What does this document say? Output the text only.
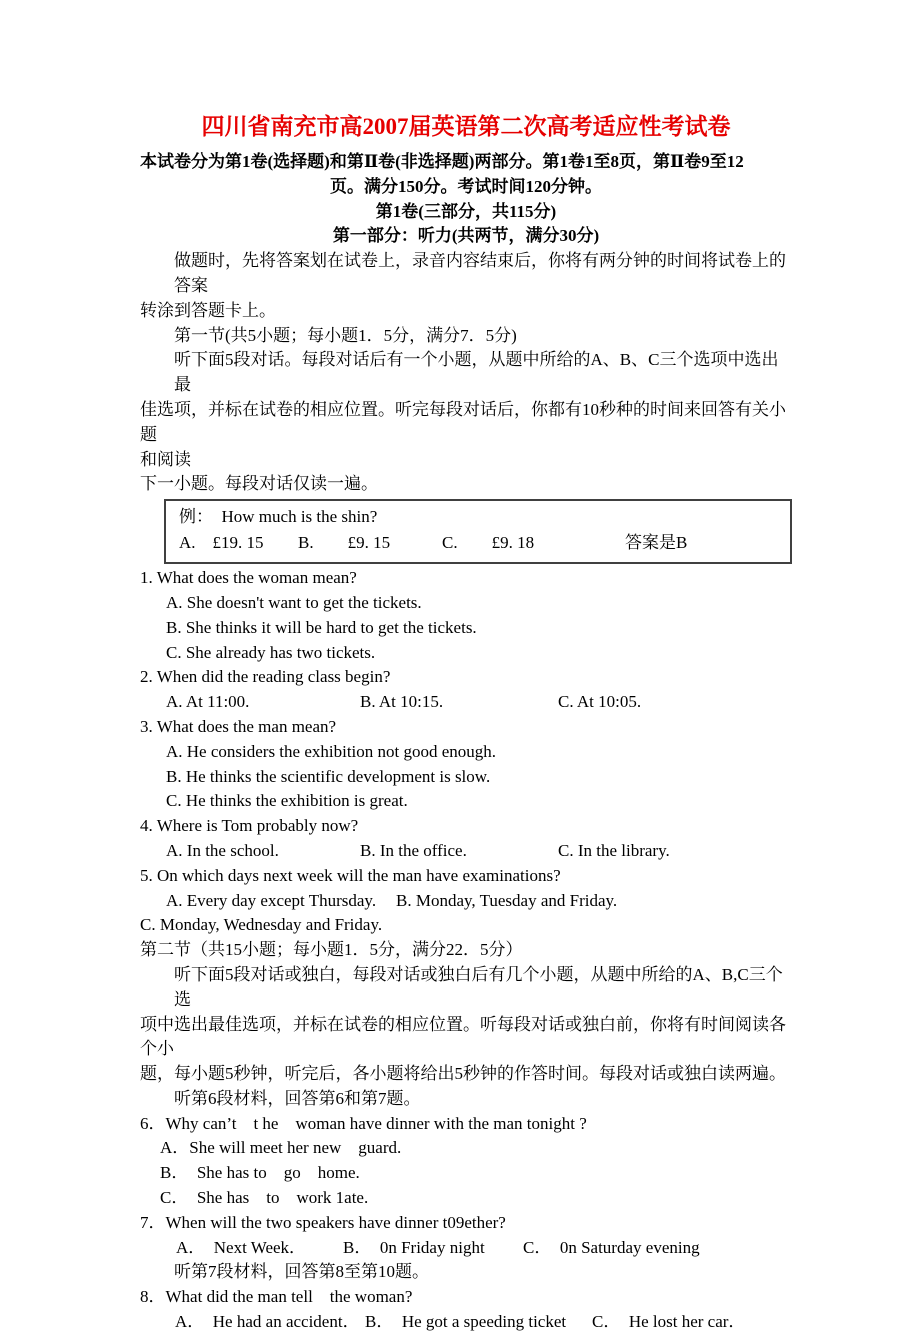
四川省南充市高2007届英语第二次高考适应性考试卷
本试卷分为第1卷(选择题)和第Ⅱ卷(非选择题)两部分。第1卷1至8页，第Ⅱ卷9至12
页。满分150分。考试时间120分钟。
第1卷(三部分，共115分)
第一部分：听力(共两节，满分30分)
做题时，先将答案划在试卷上，录音内容结束后，你将有两分钟的时间将试卷上的答案
转涂到答题卡上。
第一节(共5小题；每小题1．5分，满分7．5分)
听下面5段对话。每段对话后有一个小题，从题中所给的A、B、C三个选项中选出最
佳选项，并标在试卷的相应位置。听完每段对话后，你都有10秒种的时间来回答有关小题
和阅读
下一小题。每段对话仅读一遍。
例：  How much is the shin?
A.　£19. 15	B.　　£9. 15	C.　　£9. 18	答案是B
1. What does the woman mean?
A. She doesn't want to get the tickets.
B. She thinks it will be hard to get the tickets.
C. She already has two tickets.
2. When did the reading class begin?
A. At 11:00.	B. At 10:15.	C. At 10:05.
3. What does the man mean?
A. He considers the exhibition not good enough.
B. He thinks the scientific development is slow.
C. He thinks the exhibition is great.
4. Where is Tom probably now?
A. In the school.	B. In the office.	C. In the library.
5. On which days next week will the man have examinations?
A. Every day except Thursday.	B. Monday, Tuesday and Friday.
C. Monday, Wednesday and Friday.
第二节（共15小题；每小题1．5分，满分22．5分）
听下面5段对话或独白，每段对话或独白后有几个小题，从题中所给的A、B,C三个选
项中选出最佳选项，并标在试卷的相应位置。听每段对话或独白前，你将有时间阅读各个小
题，每小题5秒钟，听完后，各小题将给出5秒钟的作答时间。每段对话或独白读两遍。
听第6段材料，回答第6和第7题。
6．Why can’t　t he　woman have dinner with the man tonight ?
A．She will meet her new　guard.
B．　She has to　go　home.
C．　She has　to　work 1ate.
7．When will the two speakers have dinner t09ether?
A．　Next Week．	B．　0n Friday night	C．　0n Saturday evening
听第7段材料，回答第8至第10题。
8．What did the man tell　the woman?
A．　He had an accident． B．　He got a speeding ticket	C．　He lost her car．
